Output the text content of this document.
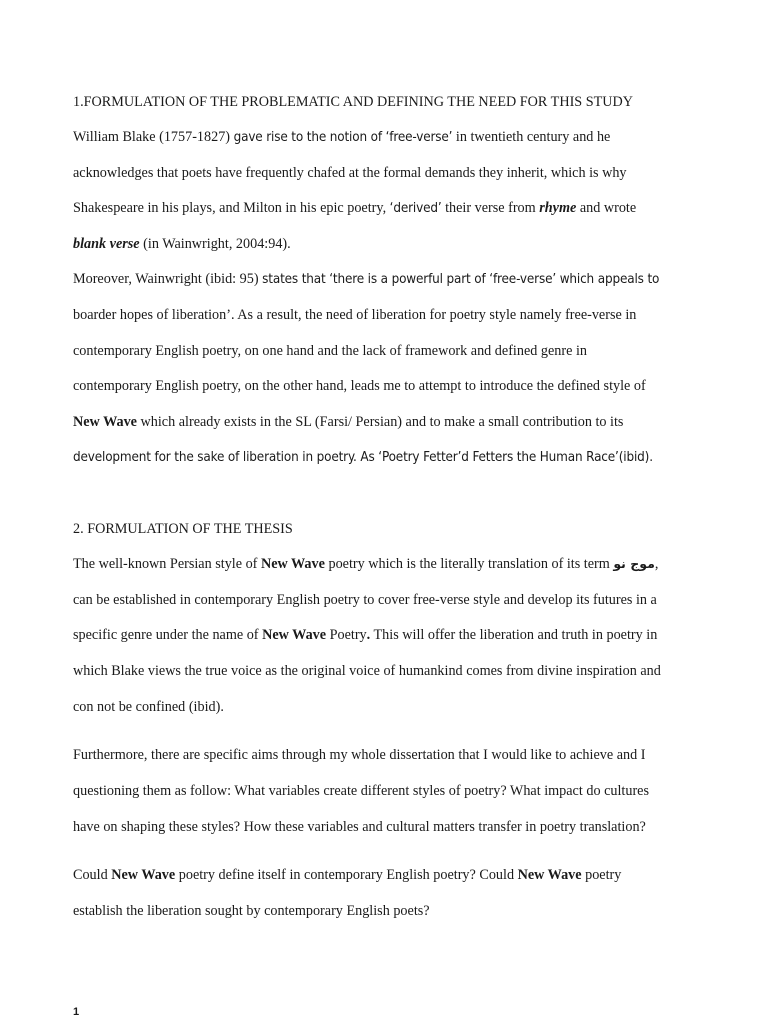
1.FORMULATION OF THE PROBLEMATIC AND DEFINING THE NEED FOR THIS STUDY
William Blake (1757-1827) gave rise to the notion of ‘free-verse’ in twentieth century and he
acknowledges that poets have frequently chafed at the formal demands they inherit, which is why
Shakespeare in his plays, and Milton in his epic poetry, ‘derived’ their verse from rhyme and wrote
blank verse (in Wainwright, 2004:94).
Moreover, Wainwright (ibid: 95) states that ‘there is a powerful part of ‘free-verse’ which appeals to
boarder hopes of liberation’. As a result, the need of liberation for poetry style namely free-verse in
contemporary English poetry, on one hand and the lack of framework and defined genre in
contemporary English poetry, on the other hand, leads me to attempt to introduce the defined style of
New Wave which already exists in the SL (Farsi/ Persian) and to make a small contribution to its
development for the sake of liberation in poetry. As ‘Poetry Fetter’d Fetters the Human Race’(ibid).
2. FORMULATION OF THE THESIS
The well-known Persian style of New Wave poetry which is the literally translation of its term موج نو,
can be established in contemporary English poetry to cover free-verse style and develop its futures in a
specific genre under the name of New Wave Poetry. This will offer the liberation and truth in poetry in
which Blake views the true voice as the original voice of humankind comes from divine inspiration and
con not be confined (ibid).
Furthermore, there are specific aims through my whole dissertation that I would like to achieve and I
questioning them as follow: What variables create different styles of poetry? What impact do cultures
have on shaping these styles? How these variables and cultural matters transfer in poetry translation?
Could New Wave poetry define itself in contemporary English poetry? Could New Wave poetry
establish the liberation sought by contemporary English poets?
1
